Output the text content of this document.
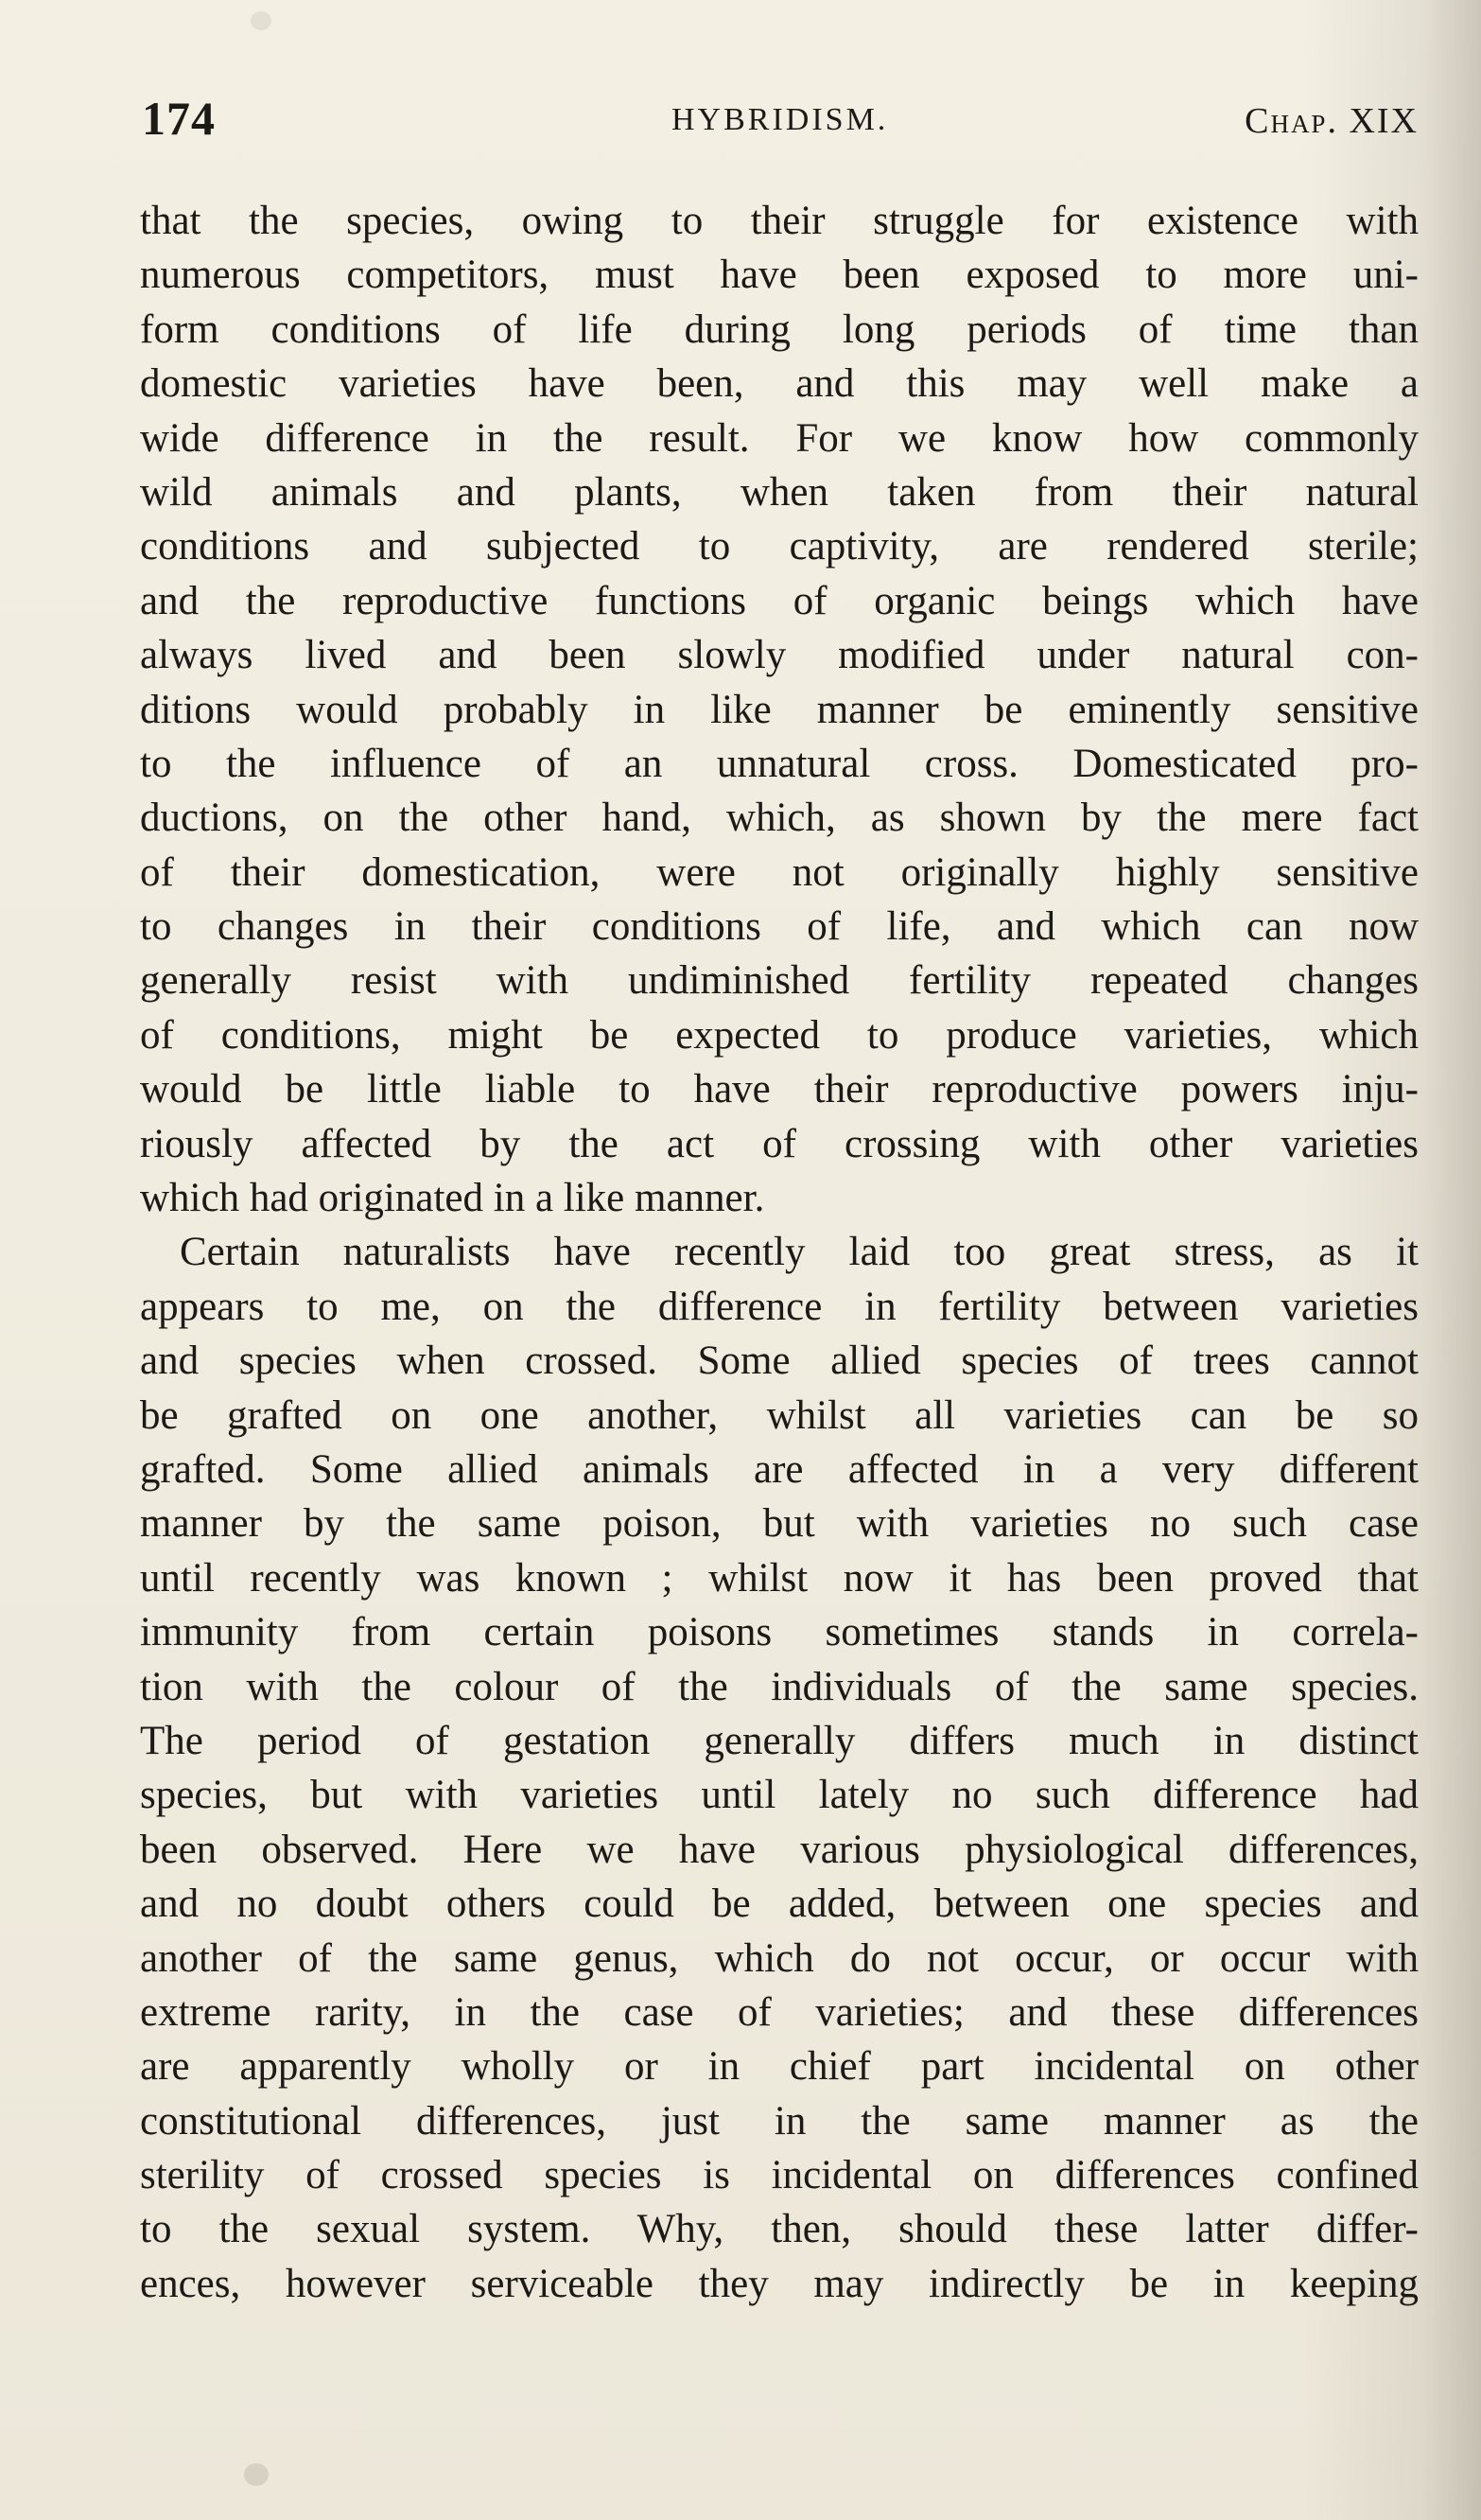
174	HYBRIDISM.	Chap. XIX
that the species, owing to their struggle for existence with
numerous competitors, must have been exposed to more uni-
form conditions of life during long periods of time than
domestic varieties have been, and this may well make a
wide difference in the result. For we know how commonly
wild animals and plants, when taken from their natural
conditions and subjected to captivity, are rendered sterile;
and the reproductive functions of organic beings which have
always lived and been slowly modified under natural con-
ditions would probably in like manner be eminently sensitive
to the influence of an unnatural cross. Domesticated pro-
ductions, on the other hand, which, as shown by the mere fact
of their domestication, were not originally highly sensitive
to changes in their conditions of life, and which can now
generally resist with undiminished fertility repeated changes
of conditions, might be expected to produce varieties, which
would be little liable to have their reproductive powers inju-
riously affected by the act of crossing with other varieties
which had originated in a like manner.
Certain naturalists have recently laid too great stress, as it
appears to me, on the difference in fertility between varieties
and species when crossed. Some allied species of trees cannot
be grafted on one another, whilst all varieties can be so
grafted. Some allied animals are affected in a very different
manner by the same poison, but with varieties no such case
until recently was known ; whilst now it has been proved that
immunity from certain poisons sometimes stands in correla-
tion with the colour of the individuals of the same species.
The period of gestation generally differs much in distinct
species, but with varieties until lately no such difference had
been observed. Here we have various physiological differences,
and no doubt others could be added, between one species and
another of the same genus, which do not occur, or occur with
extreme rarity, in the case of varieties; and these differences
are apparently wholly or in chief part incidental on other
constitutional differences, just in the same manner as the
sterility of crossed species is incidental on differences confined
to the sexual system. Why, then, should these latter differ-
ences, however serviceable they may indirectly be in keeping
